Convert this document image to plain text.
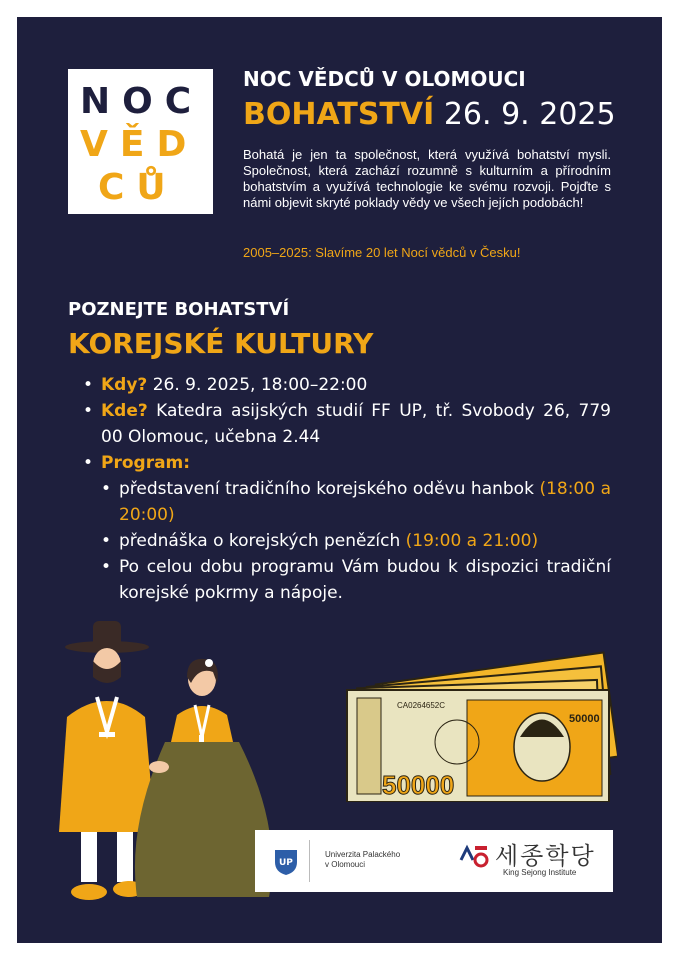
NOC
VĚD
CŮ
NOC VĚDCŮ V OLOMOUCI
BOHATSTVÍ 26. 9. 2025
Bohatá je jen ta společnost, která využívá bohatství mysli. Společnost, která zachází rozumně s kulturním a přírodním bohatstvím a využívá technologie ke svému rozvoji. Pojďte s námi objevit skryté poklady vědy ve všech jejích podobách!
2005–2025: Slavíme 20 let Nocí vědců v Česku!
POZNEJTE BOHATSTVÍ
KOREJSKÉ KULTURY
• Kdy? 26. 9. 2025, 18:00–22:00
• Kde? Katedra asijských studií FF UP, tř. Svobody 26, 779 00 Olomouc, učebna 2.44
• Program:
• představení tradičního korejského oděvu hanbok (18:00 a 20:00)
• přednáška o korejských penězích (19:00 a 21:00)
• Po celou dobu programu Vám budou k dispozici tradiční korejské pokrmy a nápoje.
CA0264652C
50000
50000
UP
Univerzita Palackého
v Olomouci	세종학당
King Sejong Institute
